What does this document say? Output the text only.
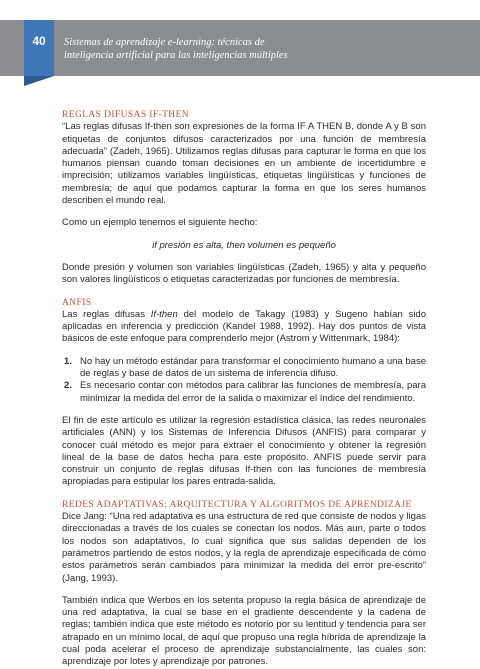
40	Sistemas de aprendizaje e-learning: técnicas de
inteligencia artificial para las inteligencias múltiples
REGLAS DIFUSAS IF-THEN

“Las reglas difusas If-then son expresiones de la forma IF A THEN B, donde A y B son etiquetas de conjuntos difusos caracterizados por una función de membresía adecuada” (Zadeh, 1965). Utilizamos reglas difusas para capturar le forma en que los humanos piensan cuando toman decisiones en un ambiente de incertidumbre e imprecisión; utilizamos variables lingüísticas, etiquetas lingüísticas y funciones de membresía; de aquí que podamos capturar la forma en que los seres humanos describen el mundo real.

Como un ejemplo tenemos el siguiente hecho:

if presión es alta, then volumen es pequeño

Donde presión y volumen son variables lingüísticas (Zadeh, 1965) y alta y pequeño son valores lingüísticos o etiquetas caracterizadas por funciones de membresía.

ANFIS

Las reglas difusas If-then del modelo de Takagy (1983) y Sugeno habían sido aplicadas en inferencia y predicción (Kandel 1988, 1992). Hay dos puntos de vista básicos de este enfoque para comprenderlo mejor (Astrom y Wittenmark, 1984):

1. No hay un método estándar para transformar el conocimiento humano a una base de reglas y base de datos de un sistema de inferencia difuso.
2. Es necesario contar con métodos para calibrar las funciones de membresía, para minimizar la medida del error de la salida o maximizar el índice del rendimiento.

El fin de este artículo es utilizar la regresión estadística clásica, las redes neuronales artificiales (ANN) y los Sistemas de Inferencia Difusos (ANFIS) para comparar y conocer cuál método es mejor para extraer el conocimiento y obtener la regresión lineal de la base de datos hecha para este propósito. ANFIS puede servir para construir un conjunto de reglas difusas If-then con las funciones de membresía apropiadas para estipular los pares entrada-salida.

REDES ADAPTATIVAS: ARQUITECTURA Y ALGORITMOS DE APRENDIZAJE

Dice Jang: “Una red adaptativa es una estructura de red que consiste de nodos y ligas direccionadas a través de los cuales se conectan los nodos. Más aun, parte o todos los nodos son adaptativos, lo cual significa que sus salidas dependen de los parámetros partiendo de estos nodos, y la regla de aprendizaje especificada de cómo estos parámetros serán cambiados para minimizar la medida del error pre-escrito” (Jang, 1993).

También indica que Werbos en los setenta propuso la regla básica de aprendizaje de una red adaptativa, la cual se base en el gradiente descendente y la cadena de reglas; también indica que este método es notorio por su lentitud y tendencia para ser atrapado en un mínimo local, de aquí que propuso una regla híbrida de aprendizaje la cual poda acelerar el proceso de aprendizaje substancialmente, las cuales son: aprendizaje por lotes y aprendizaje por patrones.
